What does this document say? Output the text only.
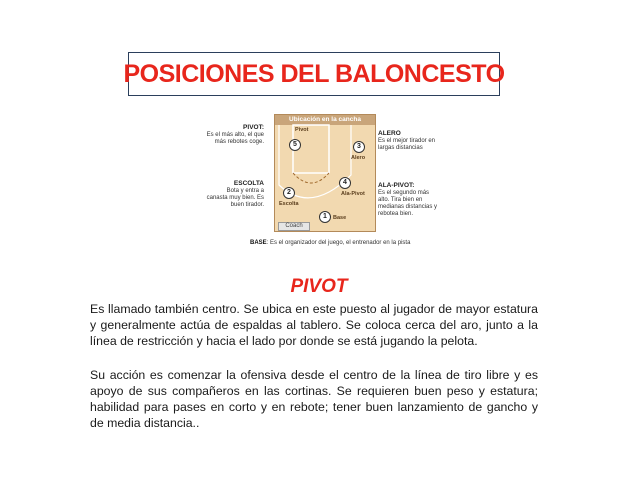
POSICIONES DEL BALONCESTO
PIVOT:
Es el más alto, el que más rebotes coge.
ESCOLTA
Bota y entra a canasta muy bien. Es buen tirador.
ALERO
Es el mejor tirador en largas distancias
ALA-PIVOT:
Es el segundo más alto. Tira bien en medianas distancias y rebotea bien.
Ubicación en la cancha
Pivot
Alero
Ala-Pivot
Escolta
Base
5	3
4
2
1
Coach
BASE: Es el organizador del juego, el entrenador en la pista
PIVOT

Es llamado también centro. Se ubica en este puesto al jugador de mayor estatura y generalmente actúa de espaldas al tablero. Se coloca cerca del aro, junto a la línea de restricción y hacia el lado por donde se está jugando la pelota.

Su acción es comenzar la ofensiva desde el centro de la línea de tiro libre y es apoyo de sus compañeros en las cortinas. Se requieren buen peso y estatura; habilidad para pases en corto y en rebote; tener buen lanzamiento de gancho y de media distancia..
